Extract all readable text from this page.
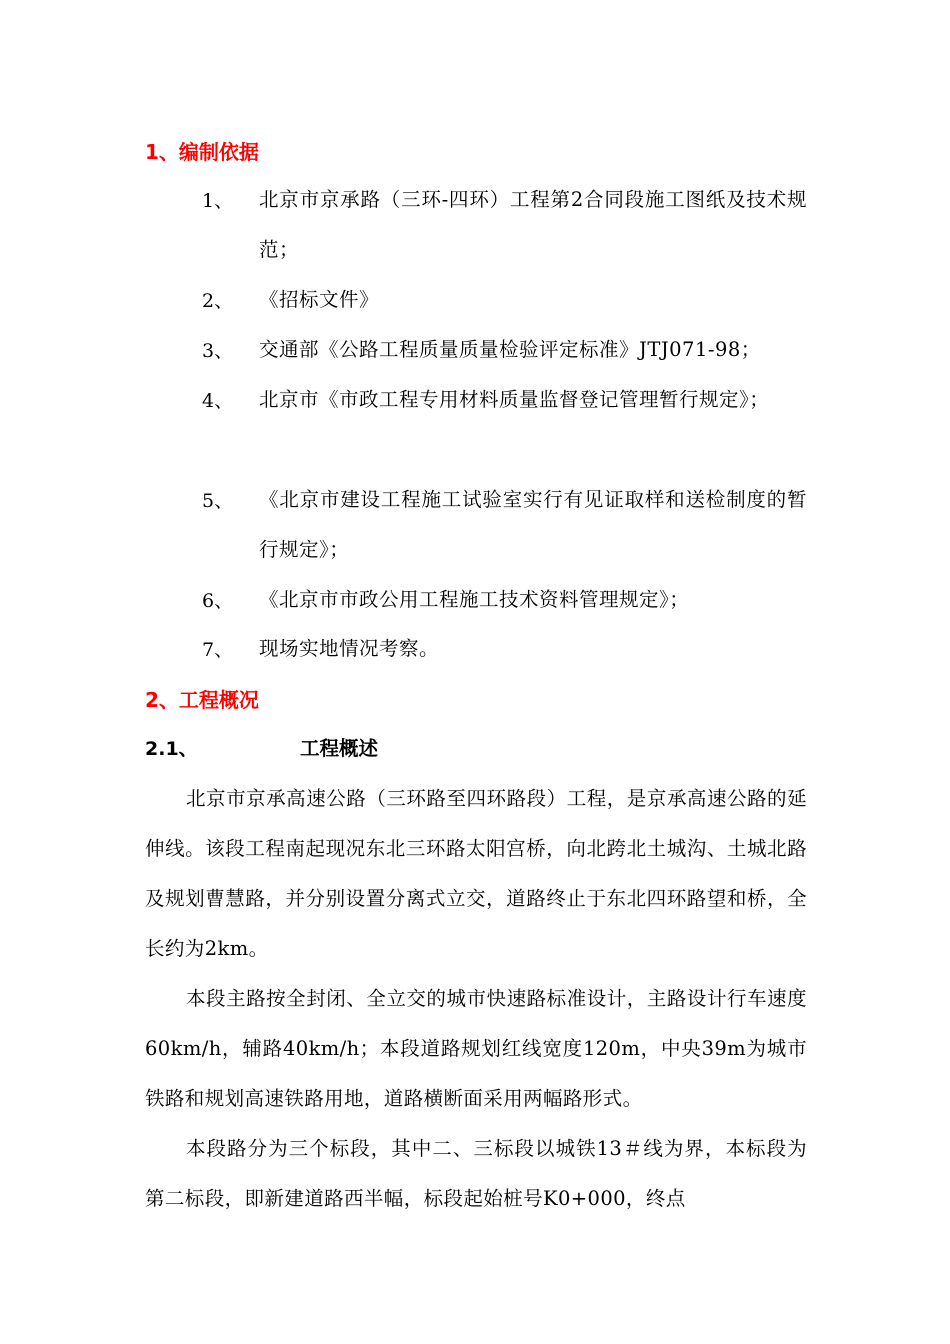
1、编制依据
1、 北京市京承路（三环-四环）工程第2合同段施工图纸及技术规范；
2、 《招标文件》
3、 交通部《公路工程质量质量检验评定标准》JTJ071-98；
4、 北京市《市政工程专用材料质量监督登记管理暂行规定》；
5、 《北京市建设工程施工试验室实行有见证取样和送检制度的暂行规定》；
6、 《北京市市政公用工程施工技术资料管理规定》；
7、 现场实地情况考察。
2、工程概况
2.1、	工程概述
北京市京承高速公路（三环路至四环路段）工程，是京承高速公路的延伸线。该段工程南起现况东北三环路太阳宫桥，向北跨北土城沟、土城北路及规划曹慧路，并分别设置分离式立交，道路终止于东北四环路望和桥，全长约为2km。
本段主路按全封闭、全立交的城市快速路标准设计，主路设计行车速度60km/h，辅路40km/h；本段道路规划红线宽度120m，中央39m为城市铁路和规划高速铁路用地，道路横断面采用两幅路形式。
本段路分为三个标段，其中二、三标段以城铁13＃线为界，本标段为第二标段，即新建道路西半幅，标段起始桩号K0+000，终点
